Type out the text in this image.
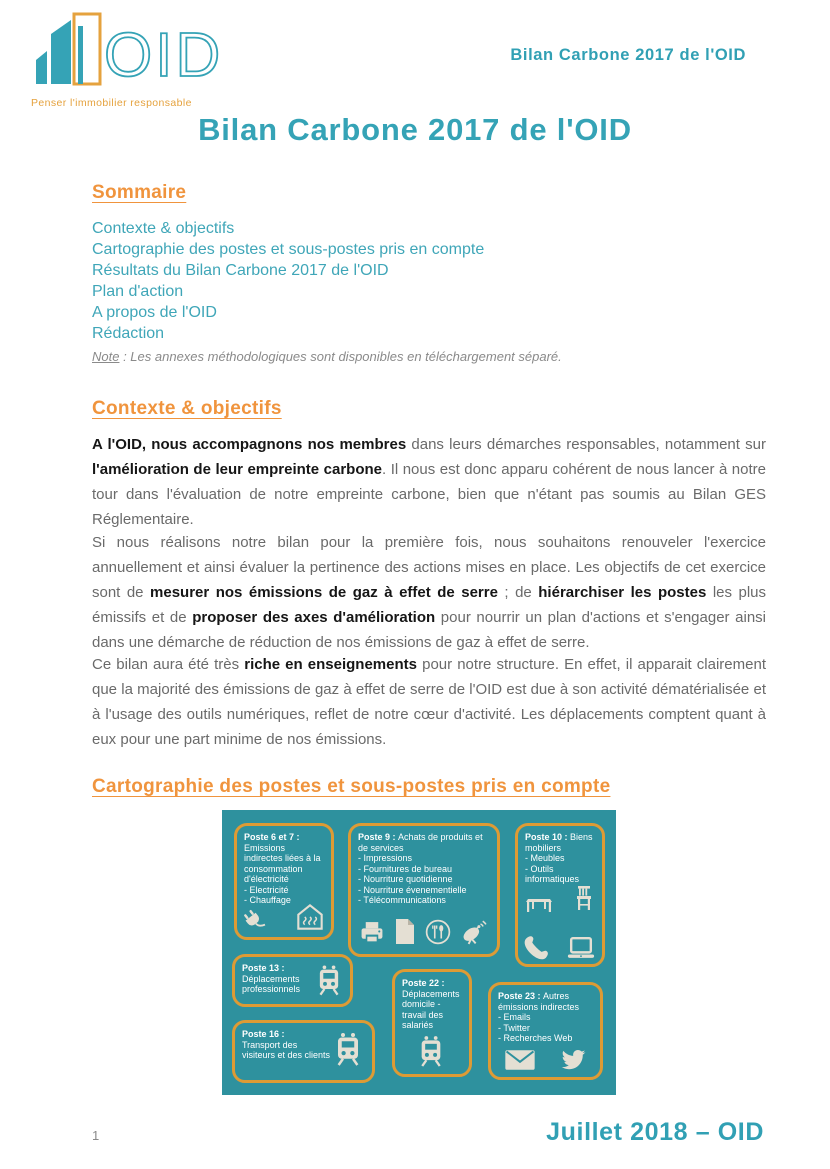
OID
Penser l'immobilier responsable
Bilan Carbone 2017 de l'OID
Bilan Carbone 2017 de l'OID
Sommaire
Contexte & objectifs
Cartographie des postes et sous-postes pris en compte
Résultats du Bilan Carbone 2017 de l'OID
Plan d'action
A propos de l'OID
Rédaction
Note : Les annexes méthodologiques sont disponibles en téléchargement séparé.
Contexte & objectifs

A l'OID, nous accompagnons nos membres dans leurs démarches responsables, notamment sur l'amélioration de leur empreinte carbone. Il nous est donc apparu cohérent de nous lancer à notre tour dans l'évaluation de notre empreinte carbone, bien que n'étant pas soumis au Bilan GES Réglementaire.

Si nous réalisons notre bilan pour la première fois, nous souhaitons renouveler l'exercice annuellement et ainsi évaluer la pertinence des actions mises en place. Les objectifs de cet exercice sont de mesurer nos émissions de gaz à effet de serre ; de hiérarchiser les postes les plus émissifs et de proposer des axes d'amélioration pour nourrir un plan d'actions et s'engager ainsi dans une démarche de réduction de nos émissions de gaz à effet de serre.

Ce bilan aura été très riche en enseignements pour notre structure. En effet, il apparait clairement que la majorité des émissions de gaz à effet de serre de l'OID est due à son activité dématérialisée et à l'usage des outils numériques, reflet de notre cœur d'activité. Les déplacements comptent quant à eux pour une part minime de nos émissions.

Cartographie des postes et sous-postes pris en compte
Poste 6 et 7 :
Emissions indirectes liées à la consommation d'électricité
- Electricité
- Chauffage
Poste 9 : Achats de produits et de services
- Impressions
- Fournitures de bureau
- Nourriture quotidienne
- Nourriture évenementielle
- Télécommunications
Poste 10 : Biens mobiliers
- Meubles
- Outils informatiques
Poste 13 :
Déplacements professionnels
Poste 16 :
Transport des visiteurs et des clients
Poste 22 :
Déplacements domicile - travail des salariés
Poste 23 : Autres émissions indirectes
- Emails
- Twitter
- Recherches Web
1	Juillet 2018 – OID
